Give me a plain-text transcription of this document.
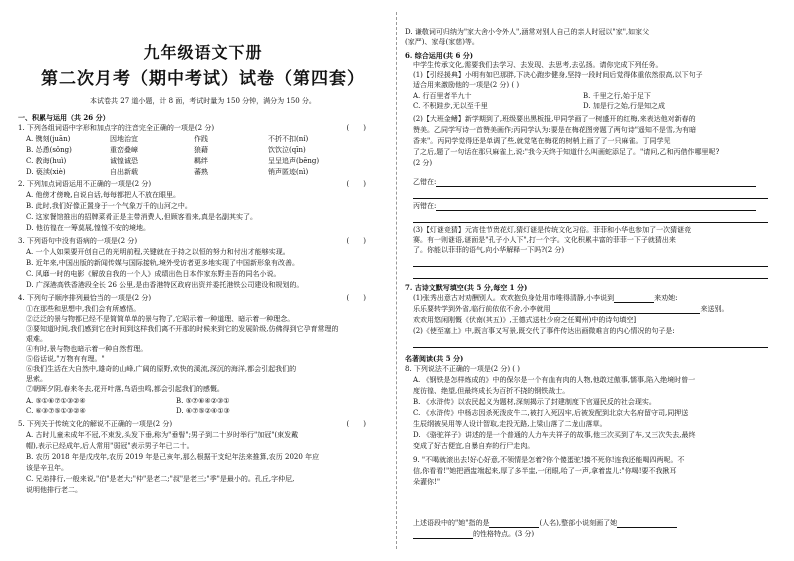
九年级语文下册
第二次月考（期中考试）试卷（第四套）
本试卷共 27 道小题，计 8 面，考试时量为 150 分钟，满分为 150 分。
一、积累与运用（共 26 分）
1. 下列各组词语中字形和加点字的注音完全正确的一项是(2 分)	(　　)
A. 镌刻(juān)	因地治宜	作践	不折不扣(ní)
B. 怂恿(sǒng)	重峦叠嶂	狼藉	饮饮泣(qīn)
C. 教诲(huì)	诚惶诚恐	羁绊	呈呈追声(bēng)
D. 亵渎(xiè)	自出新载	蕃熟	销声匿迹(nì)
2. 下列加点词语运用不正确的一项是(2 分)	(　　)
A. 他傍才傍晚,自说自话,每每都把人不放在眼里。
B. 此时,我们好像正置身于一个气象万千的山河之中。
C. 这家餐馆推出的招牌菜肴正是主带消费人,但顾客看来,真是名副其实了。
D. 他彷徨在一筹莫展,惶惶不安的境地。
3. 下列语句中没有语病的一项是(2 分)	(　　)
A. 一个人如果要开创自己的光明前程,关键就在于持之以恒的努力和付出才能够实现。
B. 近年来,中国出版的新闻传媒与国际接轨,境外受访者更多地实现了中国新形象有改善。
C. 风靡一时的电影《解放自我的一个人》成绩出色日本作家东野圭吾的同名小说。
D. 广深港高铁香港段全长 26 公里,是由香港特区政府出资并委托港铁公司建设和规划的。
4. 下列句子顺序排列最恰当的一项是(2 分)	(　　)
①在那些和思想中,我们会有所感悟。
②泛泛的景与物都已经不是简简单单的景与物了,它昭示着一种道理、暗示着一种理念。
③要知道时间,我们感到它在时间到这样我们离不开那的时候来到它的发展阶级,仿佛得到它孕育常理的
艰难。
④有时,景与物也暗示着一种自然哲理。
⑤俗话说,"万物有有理。"
⑥我们生活在大自然中,雄奇的山峰,广阔的原野,欢快的溪流,深沉的海洋,都会引起我们的
思索。
⑦朝晖夕阴,春来冬去,花开叶落,鸟语虫鸣,都会引起我们的感慨。
A. ⑤①⑥⑦①③②④	B. ⑤⑦⑥④②③①
C. ⑥③⑦⑤①③②④	D. ⑥⑦⑤②④①③
5. 下列关于传统文化的解说不正确的一项是(2 分)	(　　)
A. 古时儿童未成年不冠,不束发,头发下垂,称为"垂髫";男子到二十岁时举行"加冠"(束发戴
帽),表示已经成年,后人常用"弱冠"表示男子年已二十。
B. 农历 2018 年是戊戌年,农历 2019 年是己亥年,那么根据干支纪年法来推算,农历 2020 年应
该是辛丑年。
C. 兄弟排行,一般来说,"伯"是老大;"仲"是老二;"叔"是老三;"季"是最小的。孔丘,字仲尼,
说明他排行老二。
D. 谦敬词可归纳为"家大舍小令外人",涵常对别人自己的亲人时冠以"家",如家父
(家严)、家母(家慈)等。
6. 综合运用(共 6 分)
中学生传承文化,需要我们去学习、去发现、去思考,去弘扬。请你完成下列任务。
(1)【引经援典】小明有如巴那胖,下决心跑步健身,坚持一段时间后觉得体重依然很高,以下句子
适合用来激励他的一项是(2 分) ( )
A. 行百里者半九十	B. 千里之行,始于足下
C. 不积跬步,无以至千里	D. 加是行之始,行是知之成
(2)【大班金鳍】新学期到了,班级要出黑板报,甲同学画了一树盛开的红梅,来表达他对新春的
赞美。乙同学写诗一首赞美画作;丙同学认为:要是在梅花图旁题了两句诗"遥知不是雪,为有暗
香来"。丙同学觉得还是单调了些,就觉笔在梅花的树梢上画了了一只麻雀。丁同学见
了之后,题了一句话在那只麻雀上,说:"我今天终于知道什么叫画蛇添足了。"请问,乙和丙借作哪里呢?
(2 分)
乙错在:
丙错在:
(3)【灯谜竞猜】元宵佳节贵花灯,猜灯谜是传统文化习俗。菲菲和小华也参加了一次猜谜竞
赛。有一则谜语,谜面是"孔子小人下",打一个字。文化积累丰富的菲菲一下子就猜出来
了。你能以菲菲的语气,向小华解释一下吗?(2 分)
7. 古诗文默写填空(共 5 分,每空 1 分)
(1)张秀出意古对劝酬别人。欢欢抱负身处用市唯得清静,小李说到	来劝她:
乐乐要转学到外省,临行前依依不舍,小李就用	来送别。
欢欢用悠闲刚慨《伏南(其五)》,王德式送杜少府之任蜀州)中的诗句填空]
(2)《使至塞上》中,既言事又写景,既交代了事件传达出画微难言的内心情况的句子是:
名著阅读(共 5 分)
8. 下列说法不正确的一项是(2 分) ( )
A. 《钢铁是怎样炼成的》中的保尔是一个有血有肉的人物,他敢过傲事,懦事,陷入绝境时曾一
度彷徨、绝望,但最终成长为百折不挠的钢铁战士。
B. 《水浒传》以农民起义为题材,深刻揭示了封建制度下官逼民反的社会现实。
C. 《水浒传》中杨志因杀死泼皮牛二,被打入死囚牢,后被发配到北京大名府留守司,同押送
生辰纲被吴用等人设计智取,走投无路,上梁山落了二龙山落草。
D. 《骆驼祥子》讲述的是一个普通的人力车夫祥子的故事,他三次买到了车,又三次失去,最终
变成了好古便宜,自暴自弃的行尸走肉。
9. "不喝就滚出去!好心好意,不领情是怎着?你个傻蛋驼!揍不死你!连我还能喝四两呢。不
信,你看看!"她把酒盅端起来,厚了多半盅,一闭眼,哈了一声,拿着盅儿:"你喝!要不我揪耳
朵灌你!"
上述语段中的"她"指的是	(人名),整部小说刻画了她
的性格特点。(3 分)
